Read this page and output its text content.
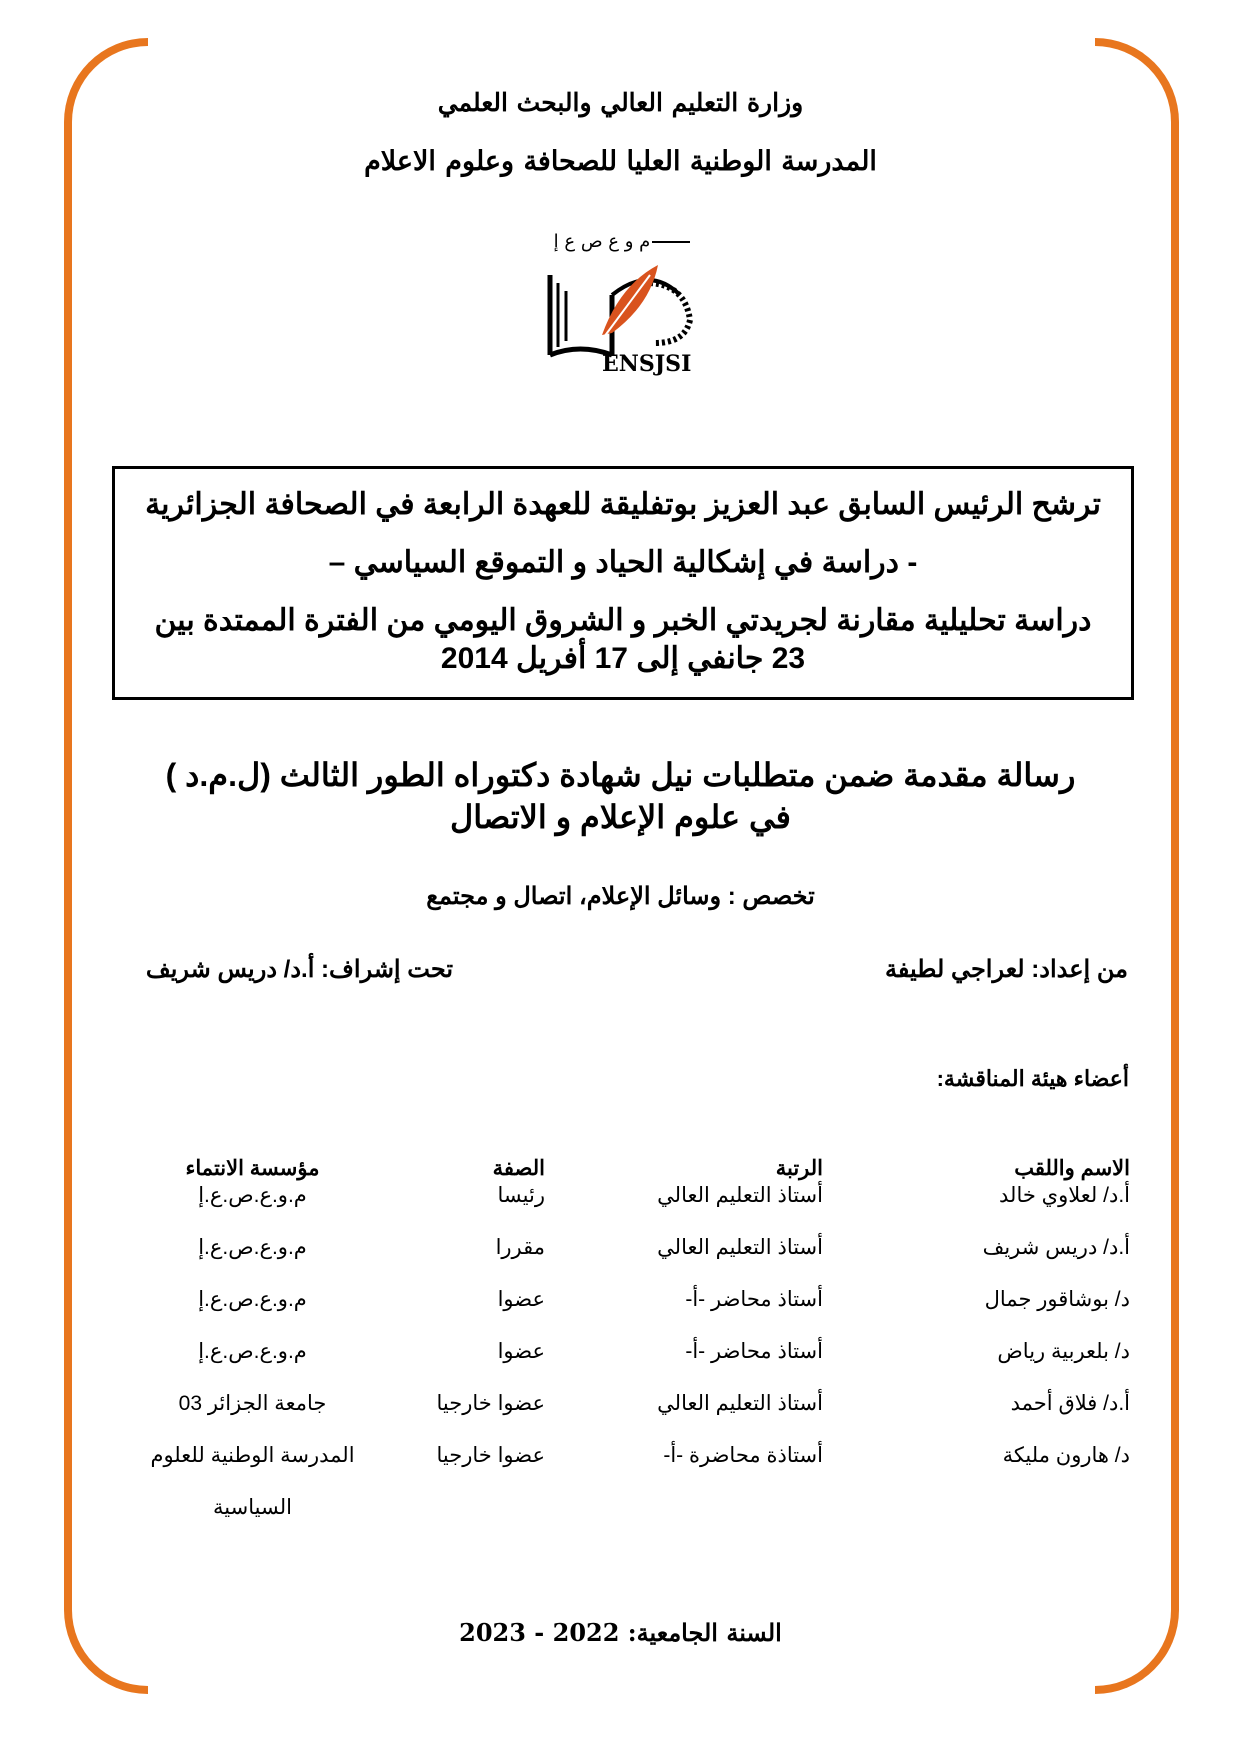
وزارة التعليم العالي والبحث العلمي
المدرسة الوطنية العليا للصحافة وعلوم الاعلام
م و ع ص ع إ
ENSJSI
ترشح الرئيس السابق عبد العزيز بوتفليقة للعهدة الرابعة في الصحافة الجزائرية
- دراسة في إشكالية الحياد و التموقع السياسي –
دراسة تحليلية مقارنة لجريدتي الخبر و الشروق اليومي من الفترة الممتدة بين
23 جانفي إلى 17 أفريل 2014
رسالة مقدمة ضمن متطلبات نيل شهادة دكتوراه الطور الثالث (ل.م.د )
في علوم الإعلام و الاتصال
تخصص : وسائل الإعلام، اتصال و مجتمع
من إعداد: لعراجي لطيفة
تحت إشراف: أ.د/ دريس شريف
أعضاء هيئة المناقشة:
الاسم واللقب
الرتبة
الصفة
مؤسسة الانتماء
أ.د/ لعلاوي خالد
أستاذ التعليم العالي
رئيسا
م.و.ع.ص.ع.إ
أ.د/ دريس شريف
أستاذ التعليم العالي
مقررا
م.و.ع.ص.ع.إ
د/ بوشاقور جمال
أستاذ محاضر -أ-
عضوا
م.و.ع.ص.ع.إ
د/ بلعربية رياض
أستاذ محاضر -أ-
عضوا
م.و.ع.ص.ع.إ
أ.د/ فلاق أحمد
أستاذ التعليم العالي
عضوا خارجيا
جامعة الجزائر 03
د/ هارون مليكة
أستاذة محاضرة -أ-
عضوا خارجيا
المدرسة الوطنية للعلوم السياسية
السنة الجامعية: 2022 - 2023
